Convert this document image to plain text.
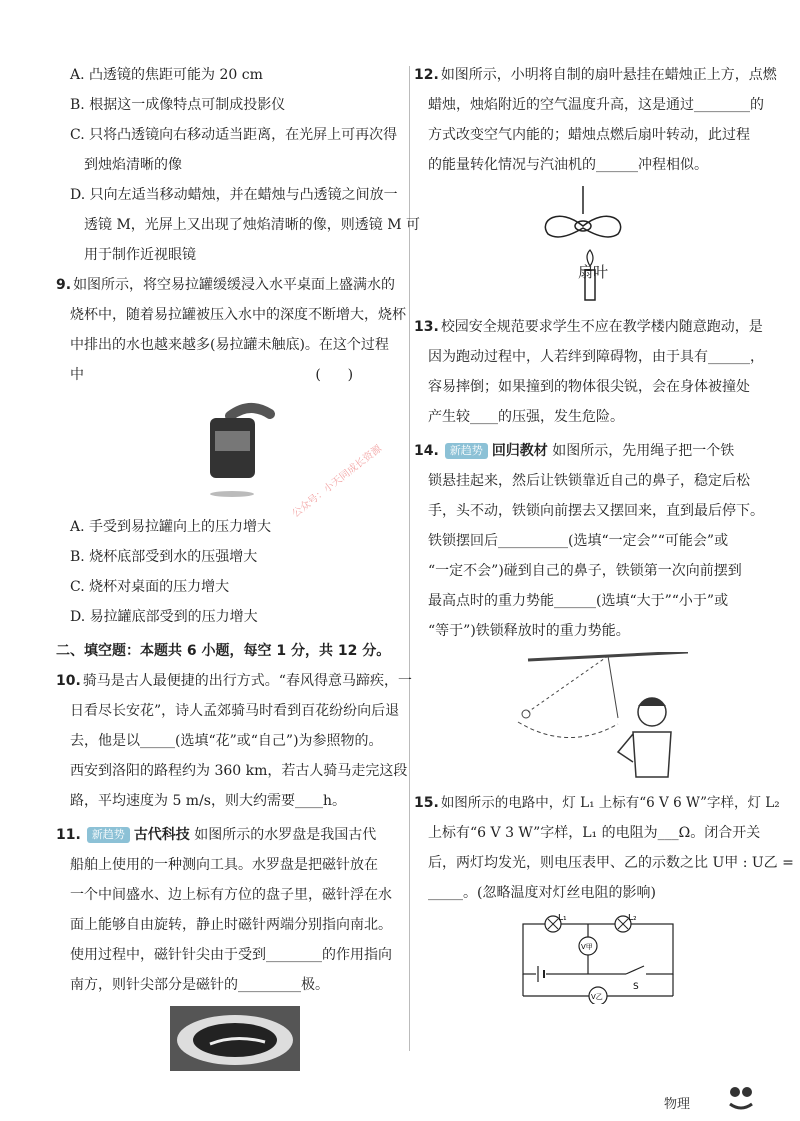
A. 凸透镜的焦距可能为 20 cm

B. 根据这一成像特点可制成投影仪

C. 只将凸透镜向右移动适当距离，在光屏上可再次得

到烛焰清晰的像

D. 只向左适当移动蜡烛，并在蜡烛与凸透镜之间放一

透镜 M，光屏上又出现了烛焰清晰的像，则透镜 M 可

用于制作近视眼镜

9. 如图所示，将空易拉罐缓缓浸入水平桌面上盛满水的

烧杯中，随着易拉罐被压入水中的深度不断增大，烧杯

中排出的水也越来越多(易拉罐未触底)。在这个过程

中                                                    (      )

A. 手受到易拉罐向上的压力增大

B. 烧杯底部受到水的压强增大

C. 烧杯对桌面的压力增大

D. 易拉罐底部受到的压力增大

二、填空题：本题共 6 小题，每空 1 分，共 12 分。

10. 骑马是古人最便捷的出行方式。“春风得意马蹄疾，一

日看尽长安花”，诗人孟郊骑马时看到百花纷纷向后退

去，他是以_____(选填“花”或“自己”)为参照物的。

西安到洛阳的路程约为 360 km，若古人骑马走完这段

路，平均速度为 5 m/s，则大约需要____h。

11. 新趋势 古代科技 如图所示的水罗盘是我国古代

船舶上使用的一种测向工具。水罗盘是把磁针放在

一个中间盛水、边上标有方位的盘子里，磁针浮在水

面上能够自由旋转，静止时磁针两端分别指向南北。

使用过程中，磁针针尖由于受到________的作用指向

南方，则针尖部分是磁针的_________极。

12. 如图所示，小明将自制的扇叶悬挂在蜡烛正上方，点燃

蜡烛，烛焰附近的空气温度升高，这是通过________的

方式改变空气内能的；蜡烛点燃后扇叶转动，此过程

的能量转化情况与汽油机的______冲程相似。

扇叶

13. 校园安全规范要求学生不应在教学楼内随意跑动，是

因为跑动过程中，人若绊到障碍物，由于具有______，

容易摔倒；如果撞到的物体很尖锐，会在身体被撞处

产生较____的压强，发生危险。

14. 新趋势 回归教材 如图所示，先用绳子把一个铁

锁悬挂起来，然后让铁锁靠近自己的鼻子，稳定后松

手，头不动，铁锁向前摆去又摆回来，直到最后停下。

铁锁摆回后__________(选填“一定会”“可能会”或

“一定不会”)碰到自己的鼻子，铁锁第一次向前摆到

最高点时的重力势能______(选填“大于”“小于”或

“等于”)铁锁释放时的重力势能。

15. 如图所示的电路中，灯 L₁ 上标有“6 V 6 W”字样，灯 L₂

上标有“6 V 3 W”字样，L₁ 的电阻为___Ω。闭合开关

后，两灯均发光，则电压表甲、乙的示数之比 U甲 : U乙 =

_____。(忽略温度对灯丝电阻的影响)

L₁	L₂
V甲
S
V乙
公众号：小天同成长资源
物理
